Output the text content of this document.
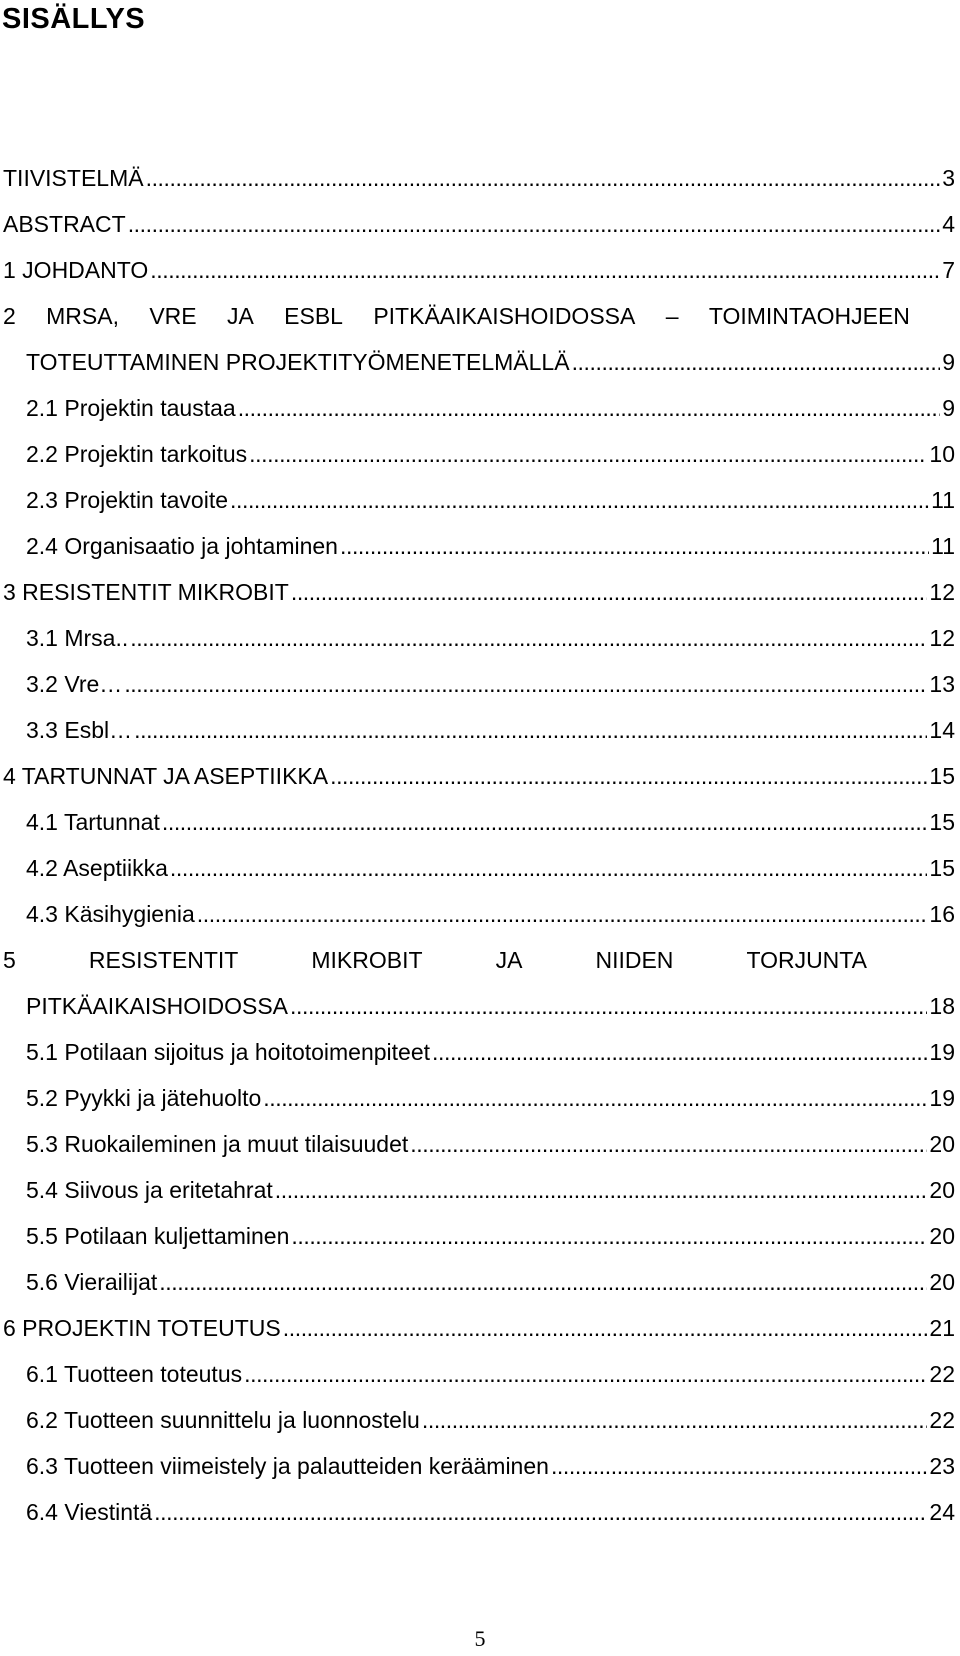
SISÄLLYS
TIIVISTELMÄ . . .	3
ABSTRACT . . .	4
1 JOHDANTO . . .	7
2 MRSA, VRE JA ESBL PITKÄAIKAISHOIDOSSA – TOIMINTAOHJEEN
TOTEUTTAMINEN PROJEKTITYÖMENETELMÄLLÄ . . .	9
2.1 Projektin taustaa . . .	9
2.2 Projektin tarkoitus . . .	10
2.3 Projektin tavoite . . .	11
2.4 Organisaatio ja johtaminen . . .	11
3 RESISTENTIT MIKROBIT . . .	12
3.1 Mrsa.. . . .	12
3.2 Vre… . . .	13
3.3 Esbl… . . .	14
4 TARTUNNAT JA ASEPTIIKKA . . .	15
4.1 Tartunnat . . .	15
4.2 Aseptiikka . . .	15
4.3 Käsihygienia . . .	16
5	RESISTENTIT	MIKROBIT	JA	NIIDEN	TORJUNTA
PITKÄAIKAISHOIDOSSA . . .	18
5.1 Potilaan sijoitus ja hoitotoimenpiteet . . .	19
5.2 Pyykki ja jätehuolto . . .	19
5.3 Ruokaileminen ja muut tilaisuudet . . .	20
5.4 Siivous ja eritetahrat . . .	20
5.5 Potilaan kuljettaminen . . .	20
5.6 Vierailijat . . .	20
6 PROJEKTIN TOTEUTUS . . .	21
6.1 Tuotteen toteutus . . .	22
6.2 Tuotteen suunnittelu ja luonnostelu . . .	22
6.3 Tuotteen viimeistely ja palautteiden kerääminen . . .	23
6.4 Viestintä . . .	24
5
